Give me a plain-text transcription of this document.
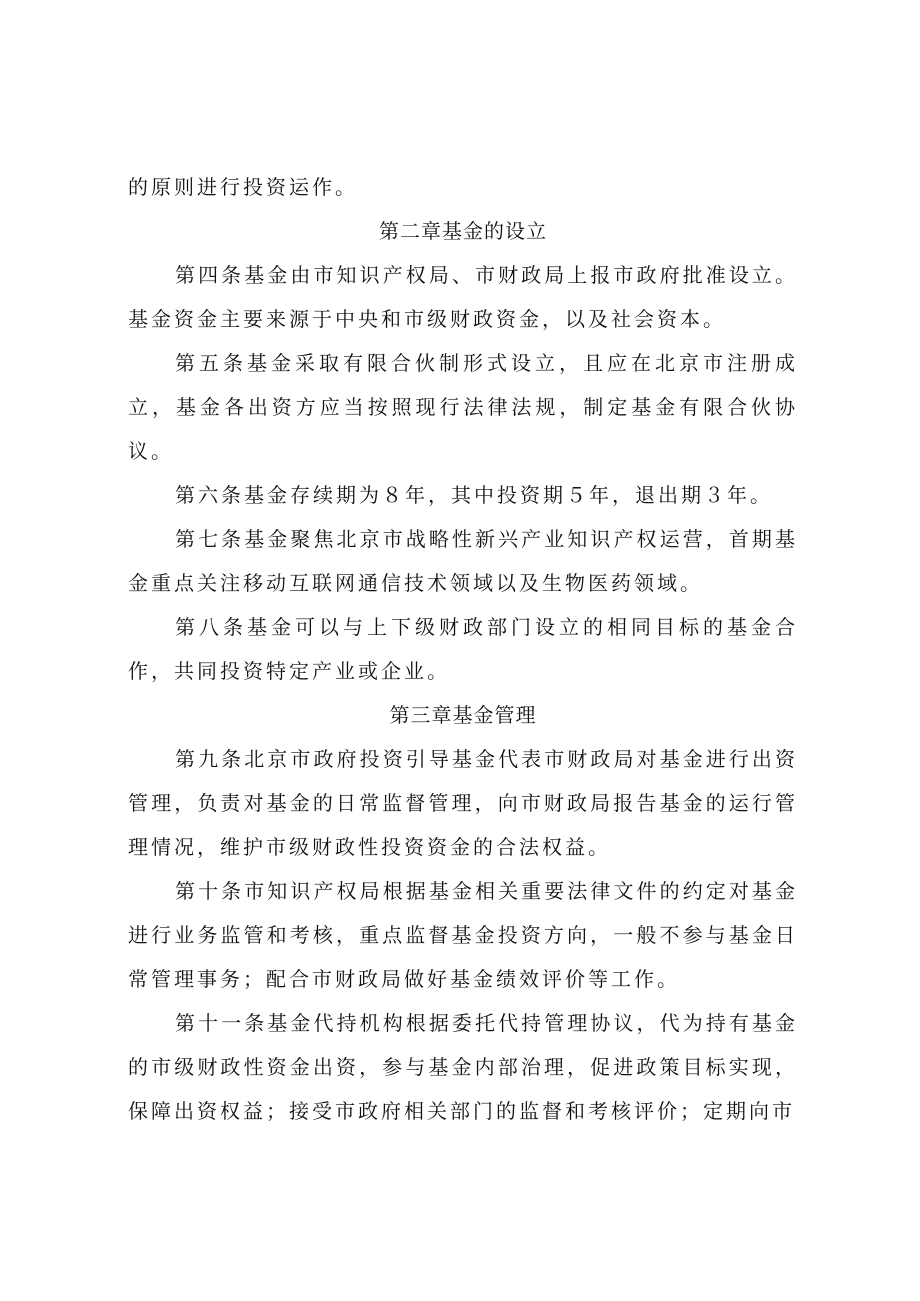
的原则进行投资运作。

第二章基金的设立

第四条基金由市知识产权局、市财政局上报市政府批准设立。基金资金主要来源于中央和市级财政资金，以及社会资本。

第五条基金采取有限合伙制形式设立，且应在北京市注册成立，基金各出资方应当按照现行法律法规，制定基金有限合伙协议。

第六条基金存续期为８年，其中投资期５年，退出期３年。

第七条基金聚焦北京市战略性新兴产业知识产权运营，首期基金重点关注移动互联网通信技术领域以及生物医药领域。

第八条基金可以与上下级财政部门设立的相同目标的基金合作，共同投资特定产业或企业。

第三章基金管理

第九条北京市政府投资引导基金代表市财政局对基金进行出资管理，负责对基金的日常监督管理，向市财政局报告基金的运行管理情况，维护市级财政性投资资金的合法权益。

第十条市知识产权局根据基金相关重要法律文件的约定对基金进行业务监管和考核，重点监督基金投资方向，一般不参与基金日常管理事务；配合市财政局做好基金绩效评价等工作。

第十一条基金代持机构根据委托代持管理协议，代为持有基金的市级财政性资金出资，参与基金内部治理，促进政策目标实现，保障出资权益；接受市政府相关部门的监督和考核评价；定期向市
